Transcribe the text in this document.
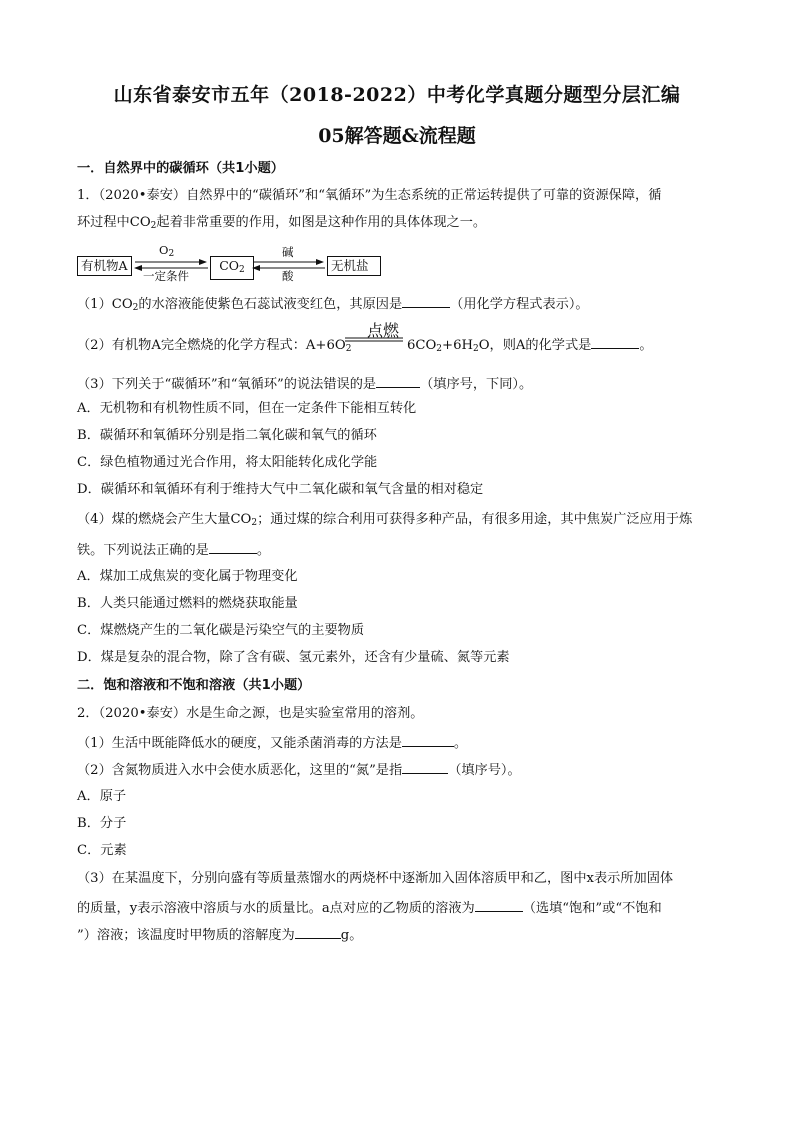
山东省泰安市五年（2018-2022）中考化学真题分题型分层汇编
05解答题&流程题
一．自然界中的碳循环（共1小题）
1．（2020•泰安）自然界中的“碳循环”和“氧循环”为生态系统的正常运转提供了可靠的资源保障，循
环过程中$CO_2$起着非常重要的作用，如图是这种作用的具体体现之一。
有机物A	$CO_2$	无机盐
$O_2$
一定条件
碱
酸
$(1)CO_2$的水溶液能使紫色石蕊试液变红色，其原因是	（用化学方程式表示）。
（2）有机物A完全燃烧的化学方程式：$A+6O_2$
点燃
$6CO_2+6H_2O$，则A的化学式是	。
（3）下列关于“碳循环”和“氧循环”的说法错误的是	（填序号，下同）。
A．无机物和有机物性质不同，但在一定条件下能相互转化
B．碳循环和氧循环分别是指二氧化碳和氧气的循环
C．绿色植物通过光合作用，将太阳能转化成化学能
D．碳循环和氧循环有利于维持大气中二氧化碳和氧气含量的相对稳定
（4）煤的燃烧会产生大量$CO_2$；通过煤的综合利用可获得多种产品，有很多用途，其中焦炭广泛应用于炼
铁。下列说法正确的是	。
A．煤加工成焦炭的变化属于物理变化
B．人类只能通过燃料的燃烧获取能量
C．煤燃烧产生的二氧化碳是污染空气的主要物质
D．煤是复杂的混合物，除了含有碳、氢元素外，还含有少量硫、氮等元素
二．饱和溶液和不饱和溶液（共1小题）
2．（2020•泰安）水是生命之源，也是实验室常用的溶剂。
（1）生活中既能降低水的硬度，又能杀菌消毒的方法是	。
（2）含氮物质进入水中会使水质恶化，这里的“氮”是指	（填序号）。
A．原子
B．分子
C．元素
（3）在某温度下，分别向盛有等质量蒸馏水的两烧杯中逐渐加入固体溶质甲和乙，图中x表示所加固体
的质量，y表示溶液中溶质与水的质量比。a点对应的乙物质的溶液为	（选填“饱和”或“不饱和
”）溶液；该温度时甲物质的溶解度为	g。
